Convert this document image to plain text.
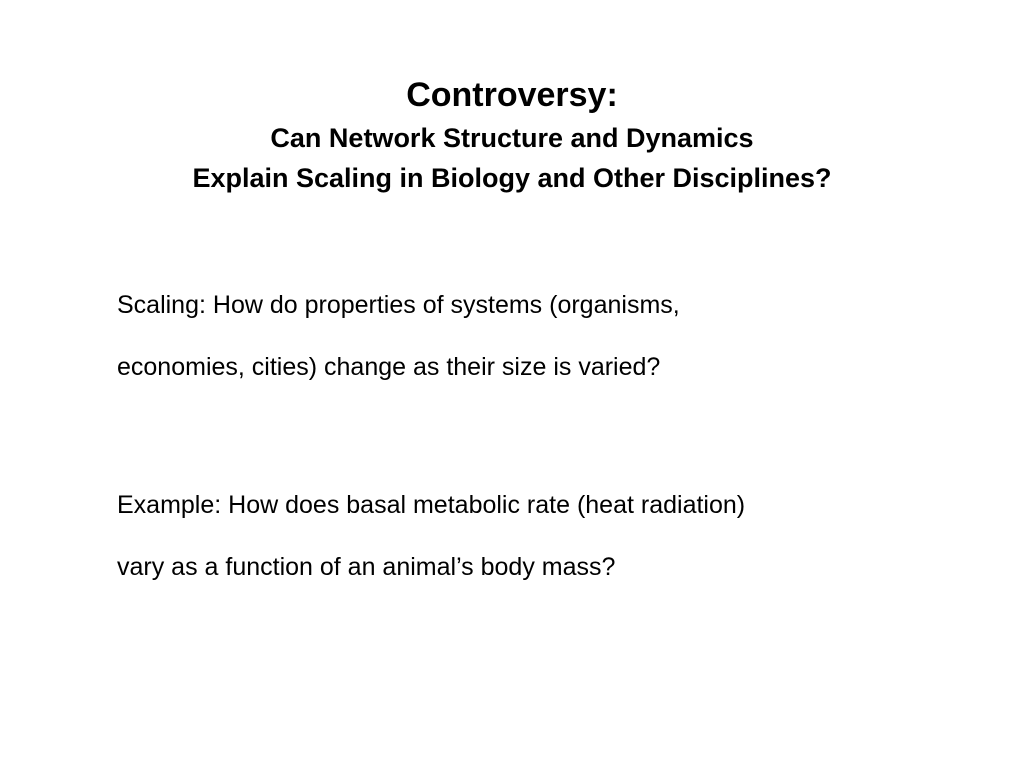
Controversy:
Can Network Structure and Dynamics
Explain Scaling in Biology and Other Disciplines?
Scaling: How do properties of systems (organisms,
economies, cities) change as their size is varied?
Example: How does basal metabolic rate (heat radiation)
vary as a function of an animal’s body mass?
